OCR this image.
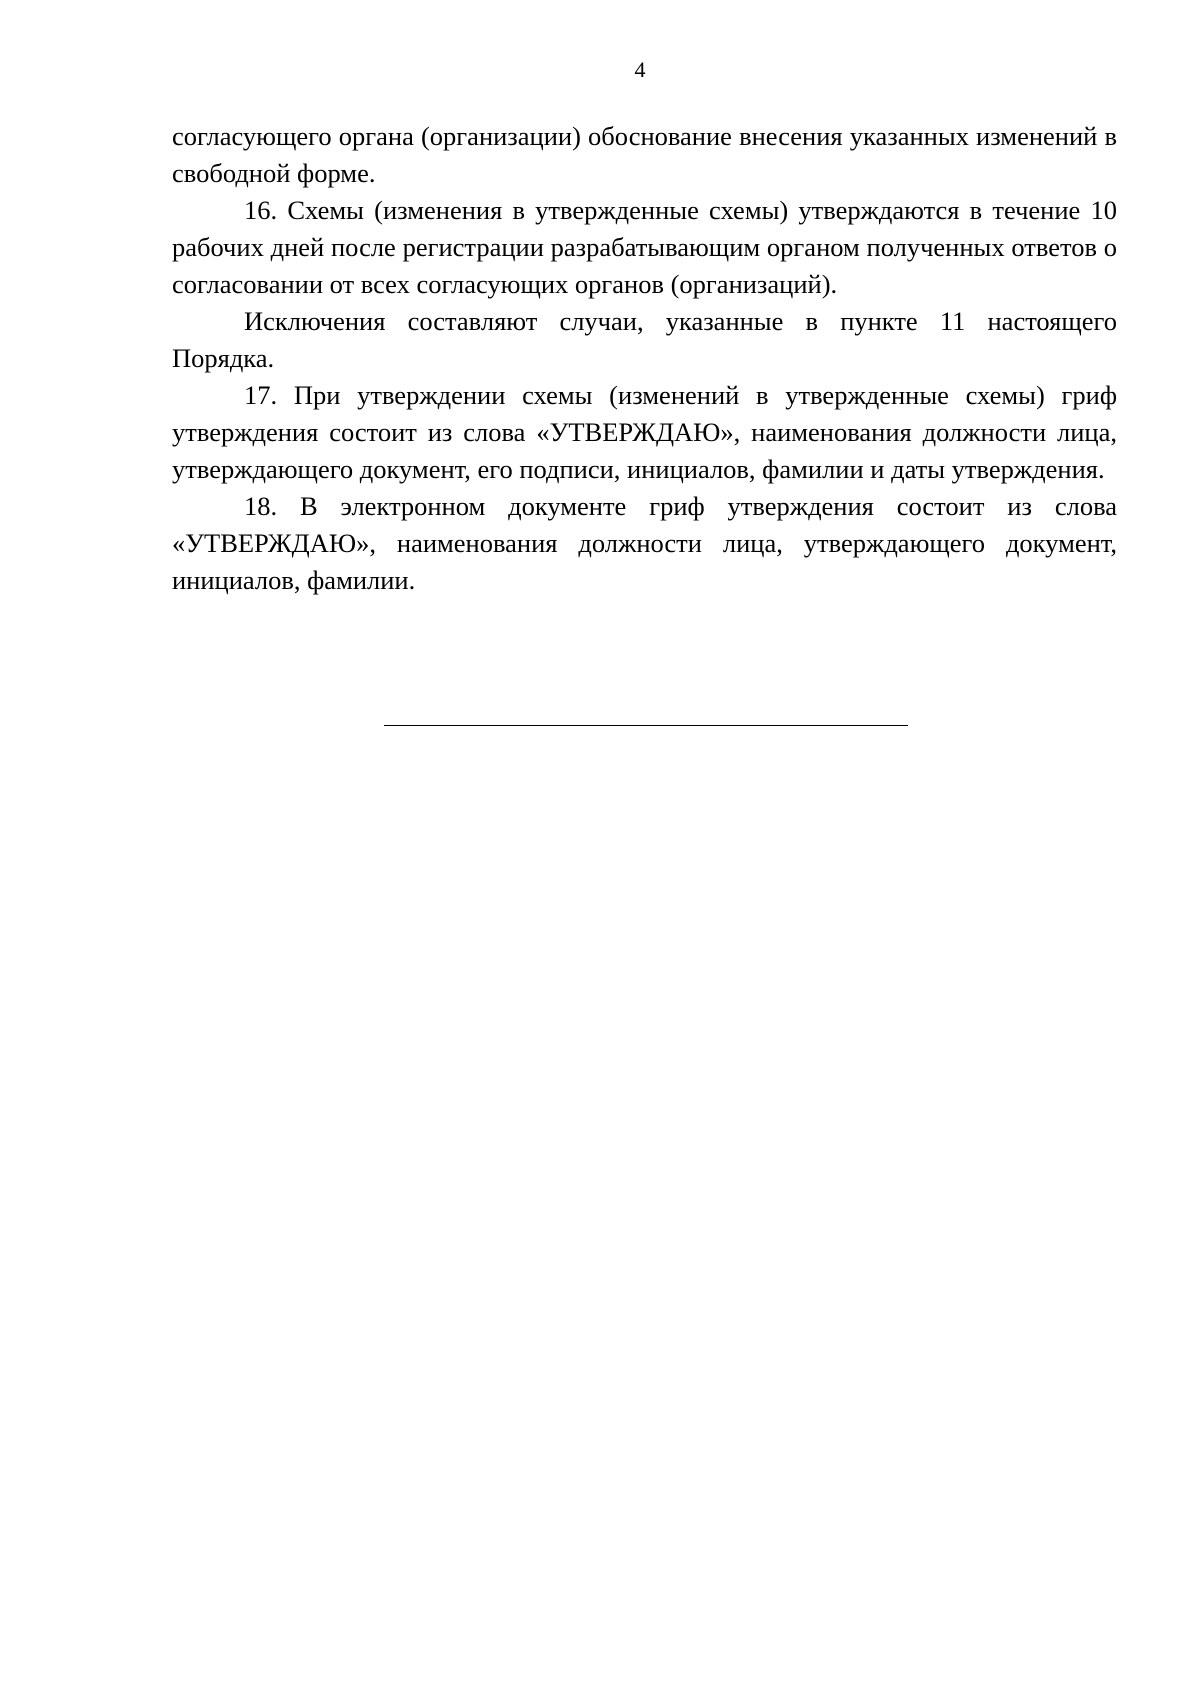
4

согласующего органа (организации) обоснование внесения указанных изменений в свободной форме.

16. Схемы (изменения в утвержденные схемы) утверждаются в течение 10 рабочих дней после регистрации разрабатывающим органом полученных ответов о согласовании от всех согласующих органов (организаций).

Исключения составляют случаи, указанные в пункте 11 настоящего Порядка.

17. При утверждении схемы (изменений в утвержденные схемы) гриф утверждения состоит из слова «УТВЕРЖДАЮ», наименования должности лица, утверждающего документ, его подписи, инициалов, фамилии и даты утверждения.

18. В электронном документе гриф утверждения состоит из слова «УТВЕРЖДАЮ», наименования должности лица, утверждающего документ, инициалов, фамилии.
